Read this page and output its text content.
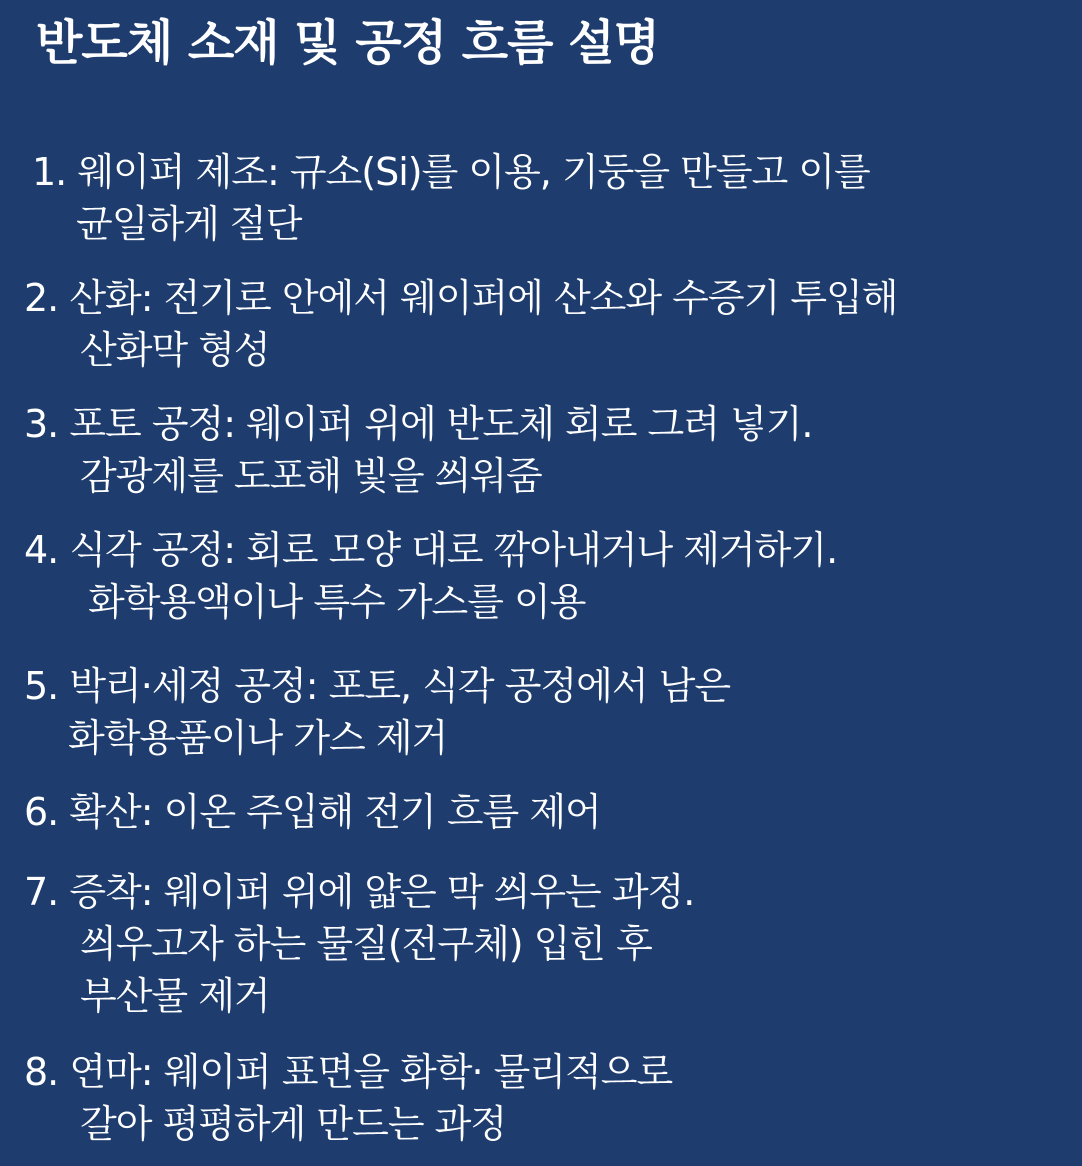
반도체 소재 및 공정 흐름 설명
1. 웨이퍼 제조: 규소(Si)를 이용, 기둥을 만들고 이를
균일하게 절단
2. 산화: 전기로 안에서 웨이퍼에 산소와 수증기 투입해
산화막 형성
3. 포토 공정: 웨이퍼 위에 반도체 회로 그려 넣기.
감광제를 도포해 빛을 씌워줌
4. 식각 공정: 회로 모양 대로 깎아내거나 제거하기.
화학용액이나 특수 가스를 이용
5. 박리·세정 공정: 포토, 식각 공정에서 남은
화학용품이나 가스 제거
6. 확산: 이온 주입해 전기 흐름 제어
7. 증착: 웨이퍼 위에 얇은 막 씌우는 과정.
씌우고자 하는 물질(전구체) 입힌 후
부산물 제거
8. 연마: 웨이퍼 표면을 화학· 물리적으로
갈아 평평하게 만드는 과정
